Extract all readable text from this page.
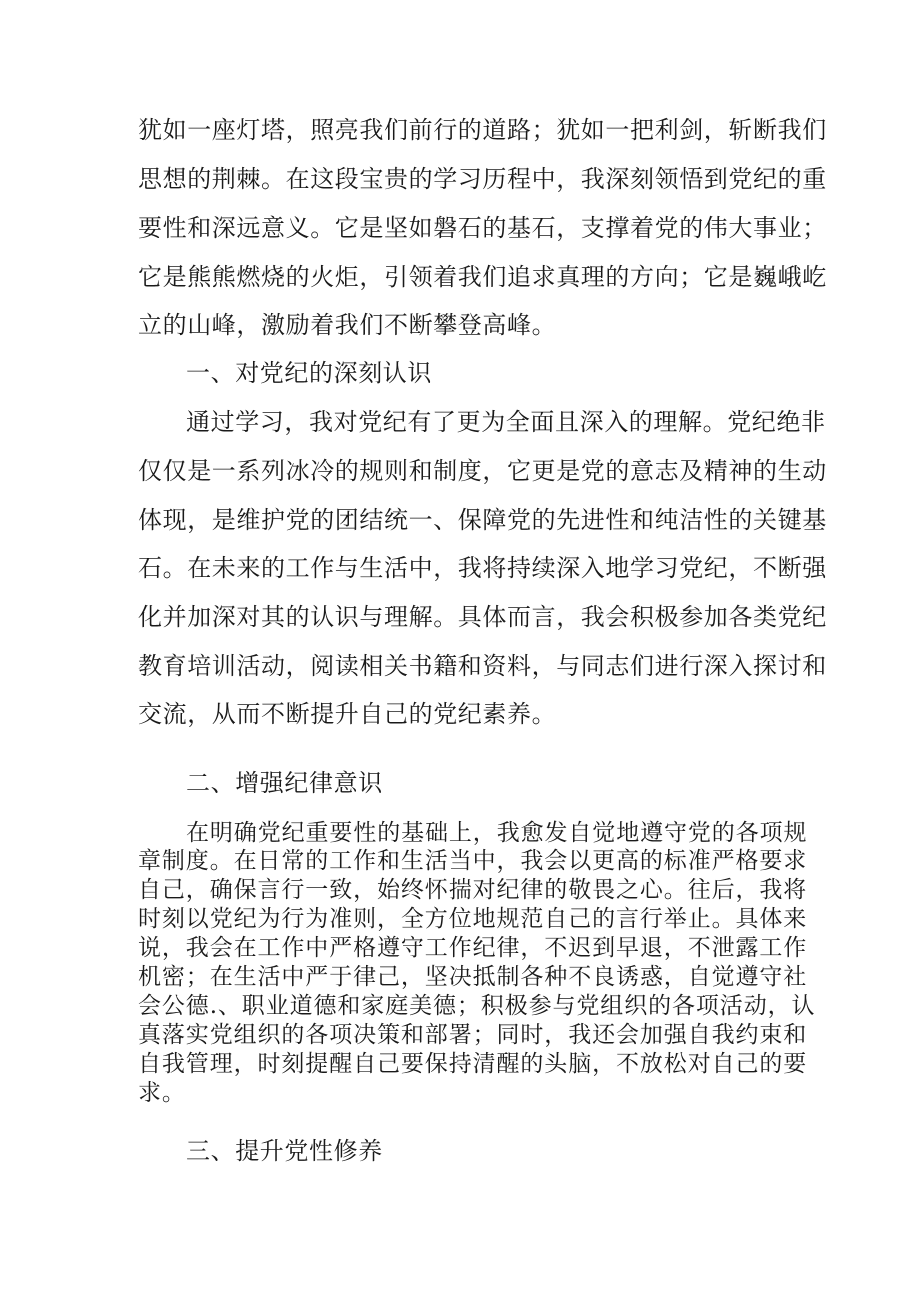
犹如一座灯塔，照亮我们前行的道路；犹如一把利剑，斩断我们
思想的荆棘。在这段宝贵的学习历程中，我深刻领悟到党纪的重
要性和深远意义。它是坚如磐石的基石，支撑着党的伟大事业；
它是熊熊燃烧的火炬，引领着我们追求真理的方向；它是巍峨屹
立的山峰，激励着我们不断攀登高峰。
一、对党纪的深刻认识
通过学习，我对党纪有了更为全面且深入的理解。党纪绝非
仅仅是一系列冰冷的规则和制度，它更是党的意志及精神的生动
体现，是维护党的团结统一、保障党的先进性和纯洁性的关键基
石。在未来的工作与生活中，我将持续深入地学习党纪，不断强
化并加深对其的认识与理解。具体而言，我会积极参加各类党纪
教育培训活动，阅读相关书籍和资料，与同志们进行深入探讨和
交流，从而不断提升自己的党纪素养。
二、增强纪律意识
在明确党纪重要性的基础上，我愈发自觉地遵守党的各项规
章制度。在日常的工作和生活当中，我会以更高的标准严格要求
自己，确保言行一致，始终怀揣对纪律的敬畏之心。往后，我将
时刻以党纪为行为准则，全方位地规范自己的言行举止。具体来
说，我会在工作中严格遵守工作纪律，不迟到早退，不泄露工作
机密；在生活中严于律己，坚决抵制各种不良诱惑，自觉遵守社
会公德.、职业道德和家庭美德；积极参与党组织的各项活动，认
真落实党组织的各项决策和部署；同时，我还会加强自我约束和
自我管理，时刻提醒自己要保持清醒的头脑，不放松对自己的要
求。
三、提升党性修养
